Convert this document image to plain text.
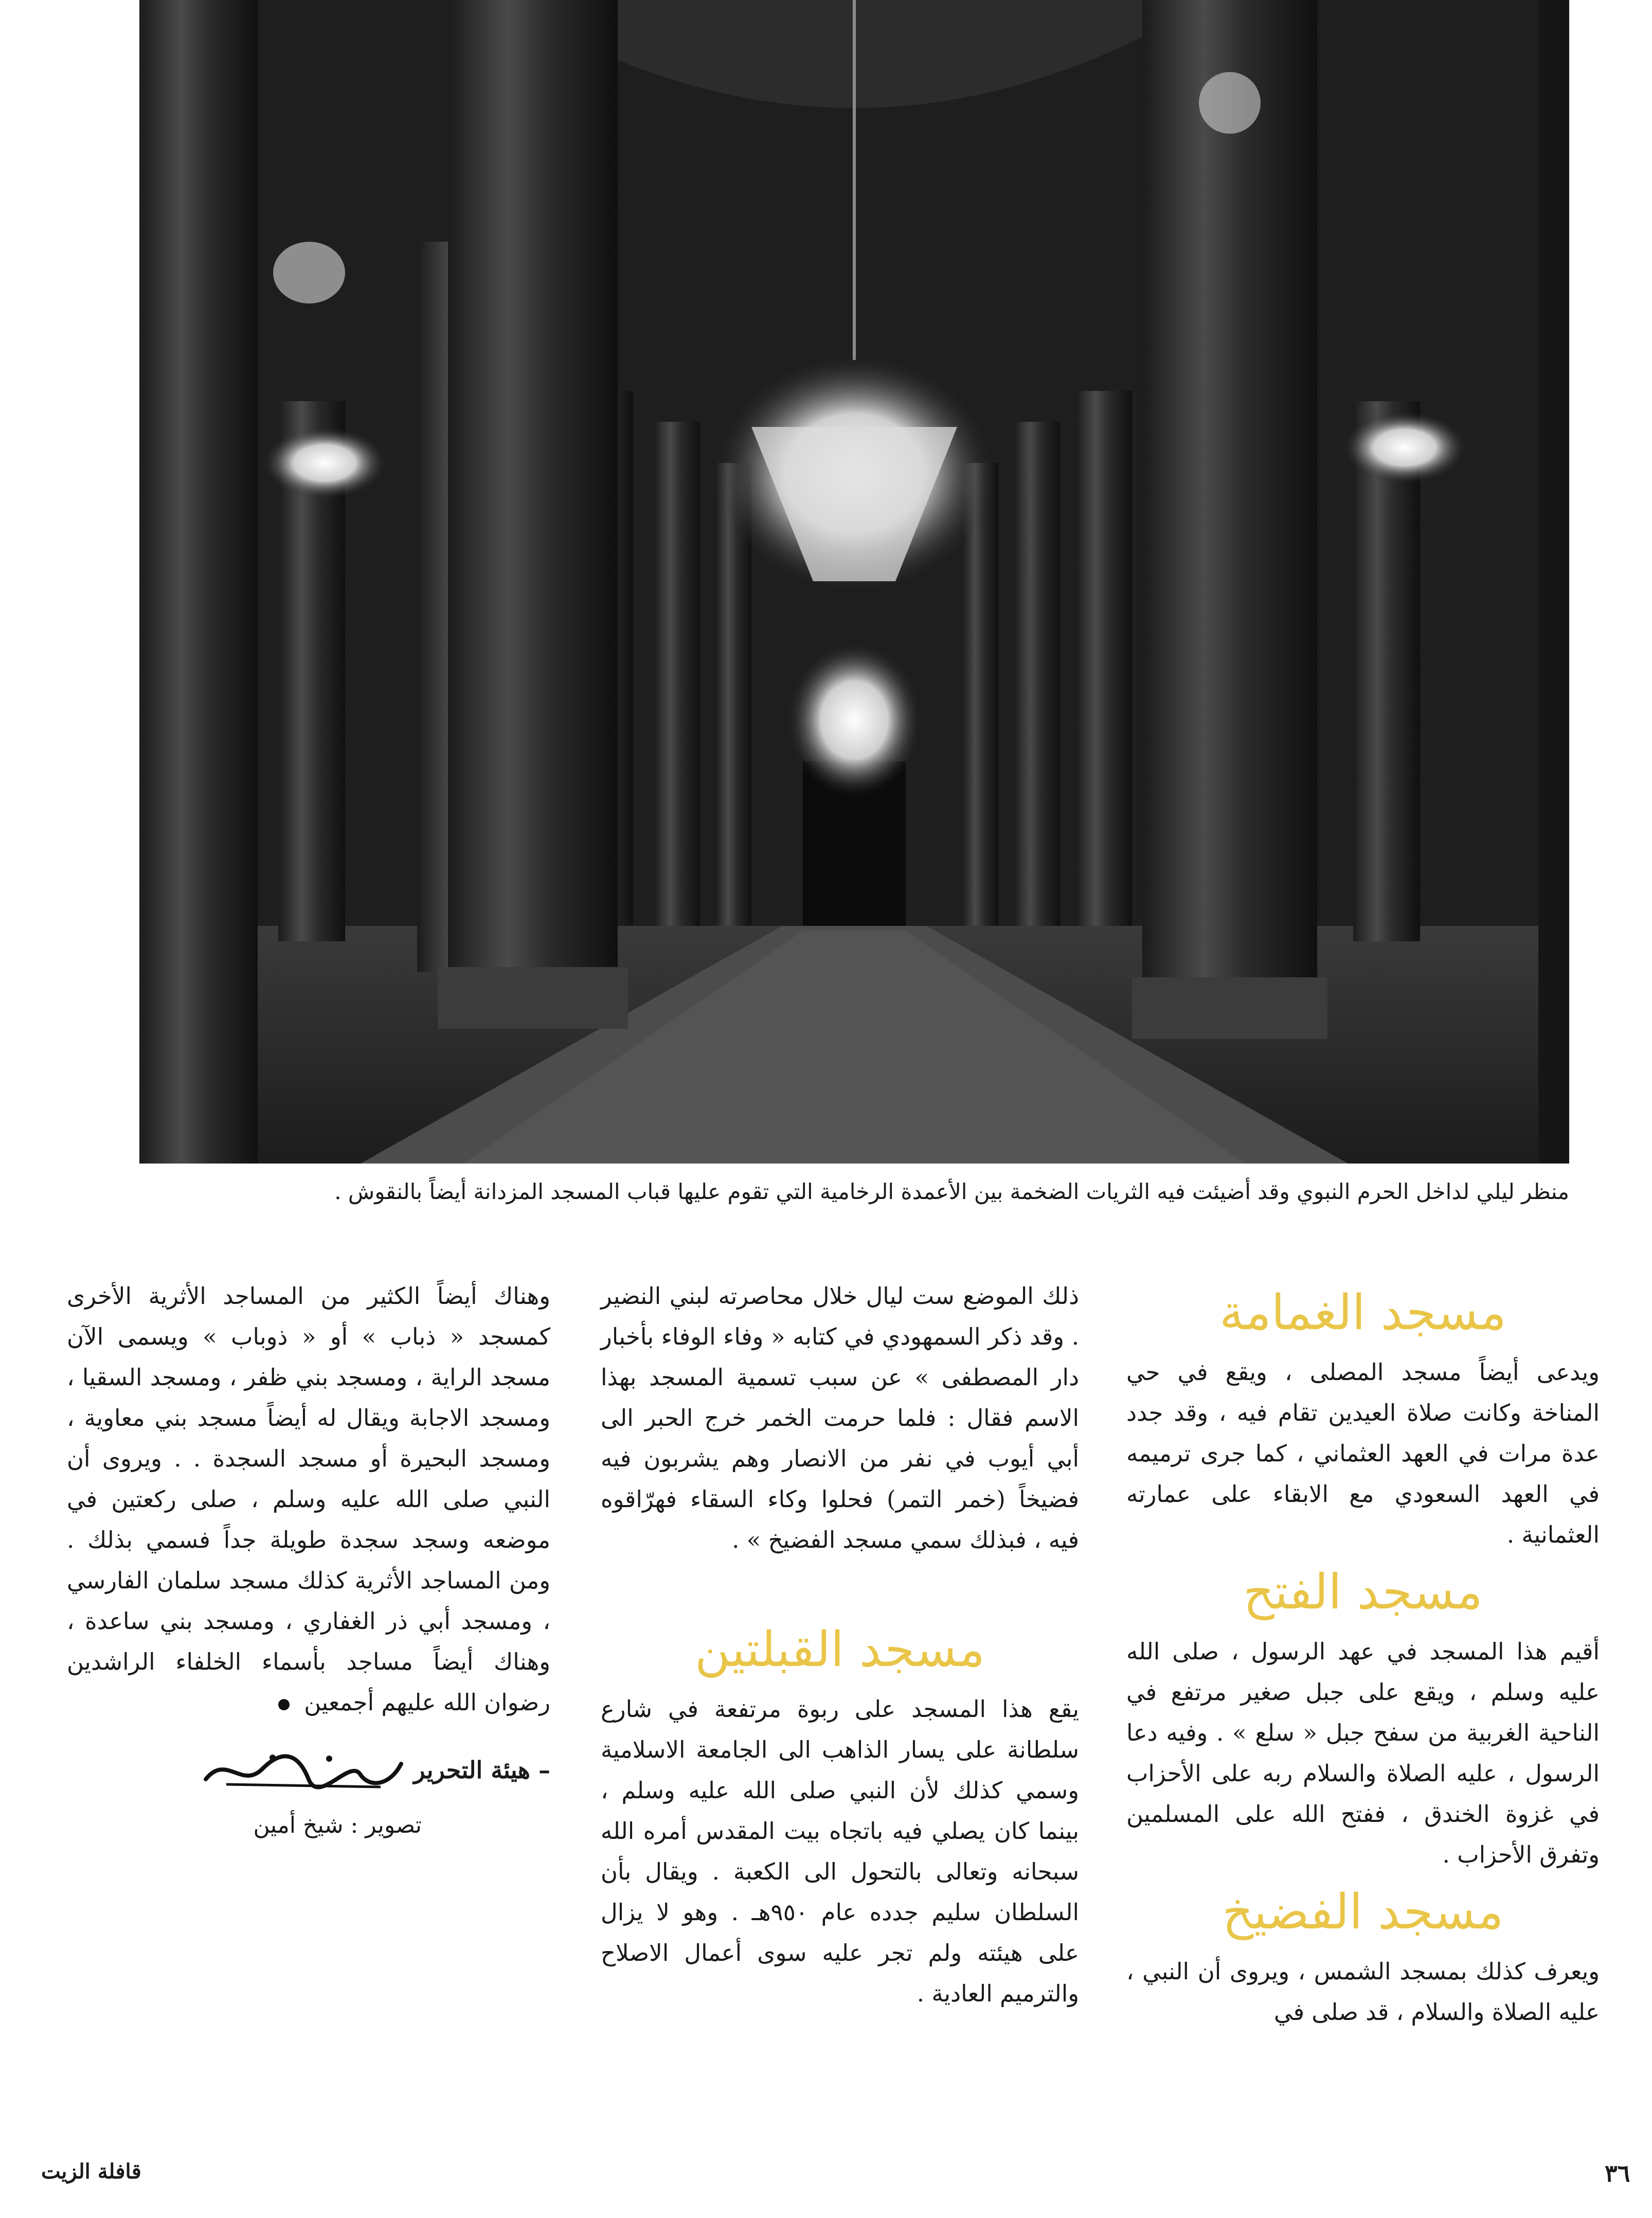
منظر ليلي لداخل الحرم النبوي وقد أضيئت فيه الثريات الضخمة بين الأعمدة الرخامية التي تقوم عليها قباب المسجد المزدانة أيضاً بالنقوش .
مسجد الغمامة

ويدعى أيضاً مسجد المصلى ، ويقع في حي المناخة وكانت صلاة العيدين تقام فيه ، وقد جدد عدة مرات في العهد العثماني ، كما جرى ترميمه في العهد السعودي مع الابقاء على عمارته العثمانية .

مسجد الفتح

أقيم هذا المسجد في عهد الرسول ، صلى الله عليه وسلم ، ويقع على جبل صغير مرتفع في الناحية الغربية من سفح جبل « سلع » . وفيه دعا الرسول ، عليه الصلاة والسلام ربه على الأحزاب في غزوة الخندق ، ففتح الله على المسلمين وتفرق الأحزاب .

مسجد الفضيخ

ويعرف كذلك بمسجد الشمس ، ويروى أن النبي ، عليه الصلاة والسلام ، قد صلى في

ذلك الموضع ست ليال خلال محاصرته لبني النضير . وقد ذكر السمهودي في كتابه « وفاء الوفاء بأخبار دار المصطفى » عن سبب تسمية المسجد بهذا الاسم فقال : فلما حرمت الخمر خرج الحبر الى أبي أيوب في نفر من الانصار وهم يشربون فيه فضيخاً (خمر التمر) فحلوا وكاء السقاء فهرّاقوه فيه ، فبذلك سمي مسجد الفضيخ » .

مسجد القبلتين

يقع هذا المسجد على ربوة مرتفعة في شارع سلطانة على يسار الذاهب الى الجامعة الاسلامية وسمي كذلك لأن النبي صلى الله عليه وسلم ، بينما كان يصلي فيه باتجاه بيت المقدس أمره الله سبحانه وتعالى بالتحول الى الكعبة . ويقال بأن السلطان سليم جدده عام ٩٥٠هـ . وهو لا يزال على هيئته ولم تجر عليه سوى أعمال الاصلاح والترميم العادية .

وهناك أيضاً الكثير من المساجد الأثرية الأخرى كمسجد « ذباب » أو « ذوباب » ويسمى الآن مسجد الراية ، ومسجد بني ظفر ، ومسجد السقيا ، ومسجد الاجابة ويقال له أيضاً مسجد بني معاوية ، ومسجد البحيرة أو مسجد السجدة . . ويروى أن النبي صلى الله عليه وسلم ، صلى ركعتين في موضعه وسجد سجدة طويلة جداً فسمي بذلك . ومن المساجد الأثرية كذلك مسجد سلمان الفارسي ، ومسجد أبي ذر الغفاري ، ومسجد بني ساعدة ، وهناك أيضاً مساجد بأسماء الخلفاء الراشدين رضوان الله عليهم أجمعين

– هيئة التحرير
تصوير : شيخ أمين
قافلة الزيت	٣٦
